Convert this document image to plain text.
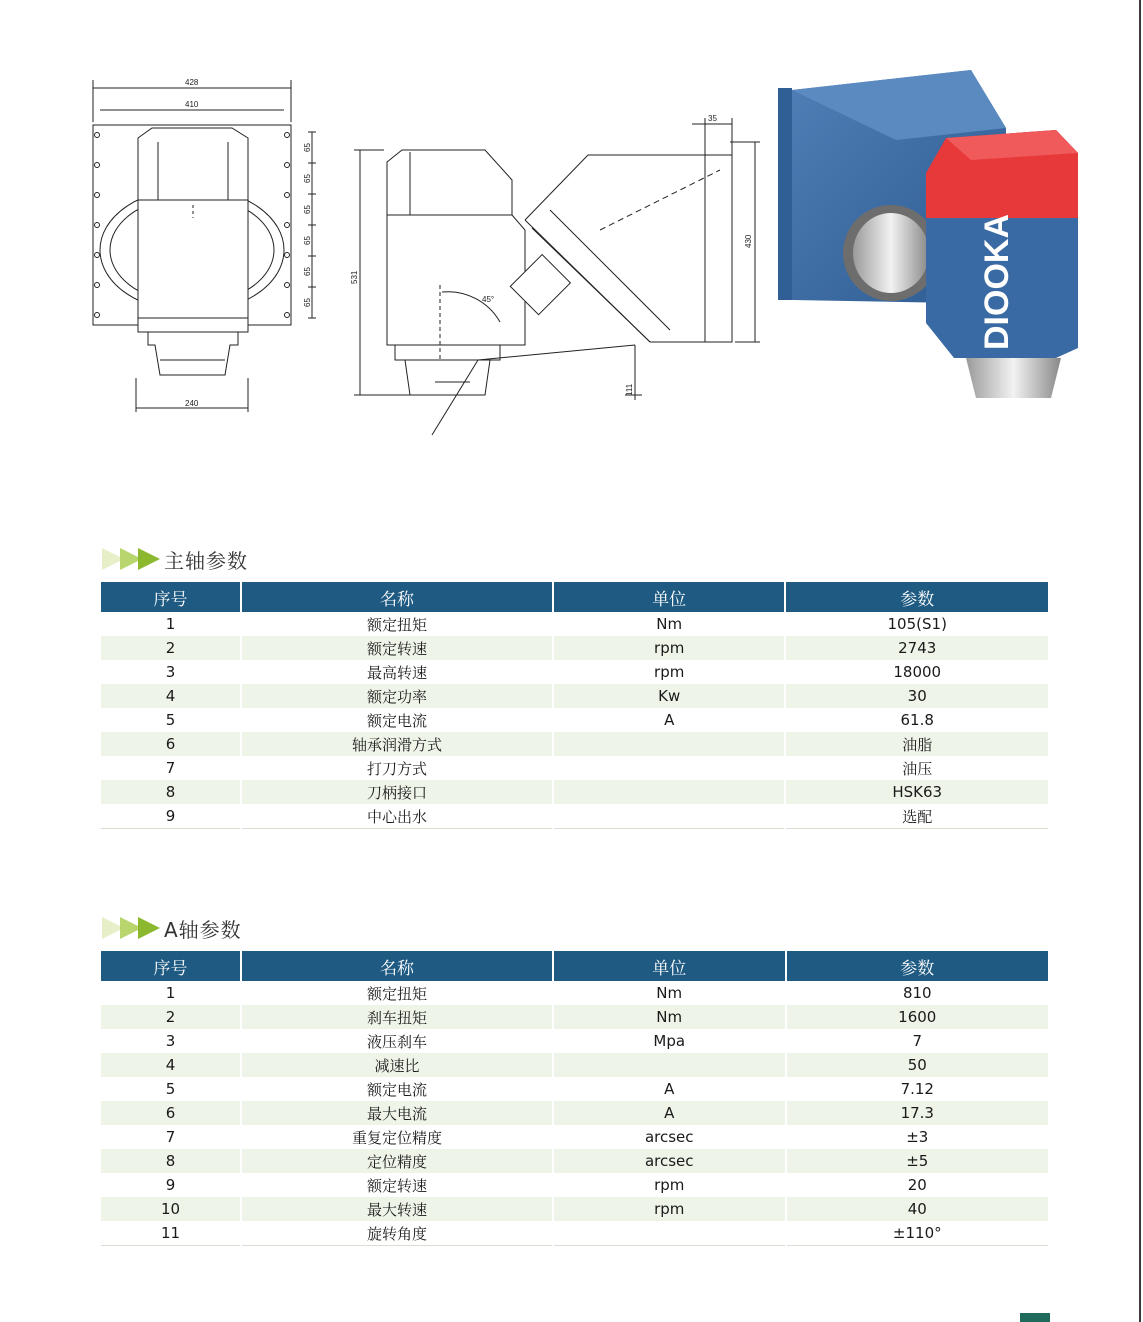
428
410
240
65
65
65
65
65
65
35
430
531
45°
111
DIOOKA
主轴参数
序号	名称	单位	参数
1	额定扭矩	Nm	105(S1)
2	额定转速	rpm	2743
3	最高转速	rpm	18000
4	额定功率	Kw	30
5	额定电流	A	61.8
6	轴承润滑方式		油脂
7	打刀方式		油压
8	刀柄接口		HSK63
9	中心出水		选配
A轴参数
序号	名称	单位	参数
1	额定扭矩	Nm	810
2	刹车扭矩	Nm	1600
3	液压刹车	Mpa	7
4	减速比		50
5	额定电流	A	7.12
6	最大电流	A	17.3
7	重复定位精度	arcsec	±3
8	定位精度	arcsec	±5
9	额定转速	rpm	20
10	最大转速	rpm	40
11	旋转角度		±110°
